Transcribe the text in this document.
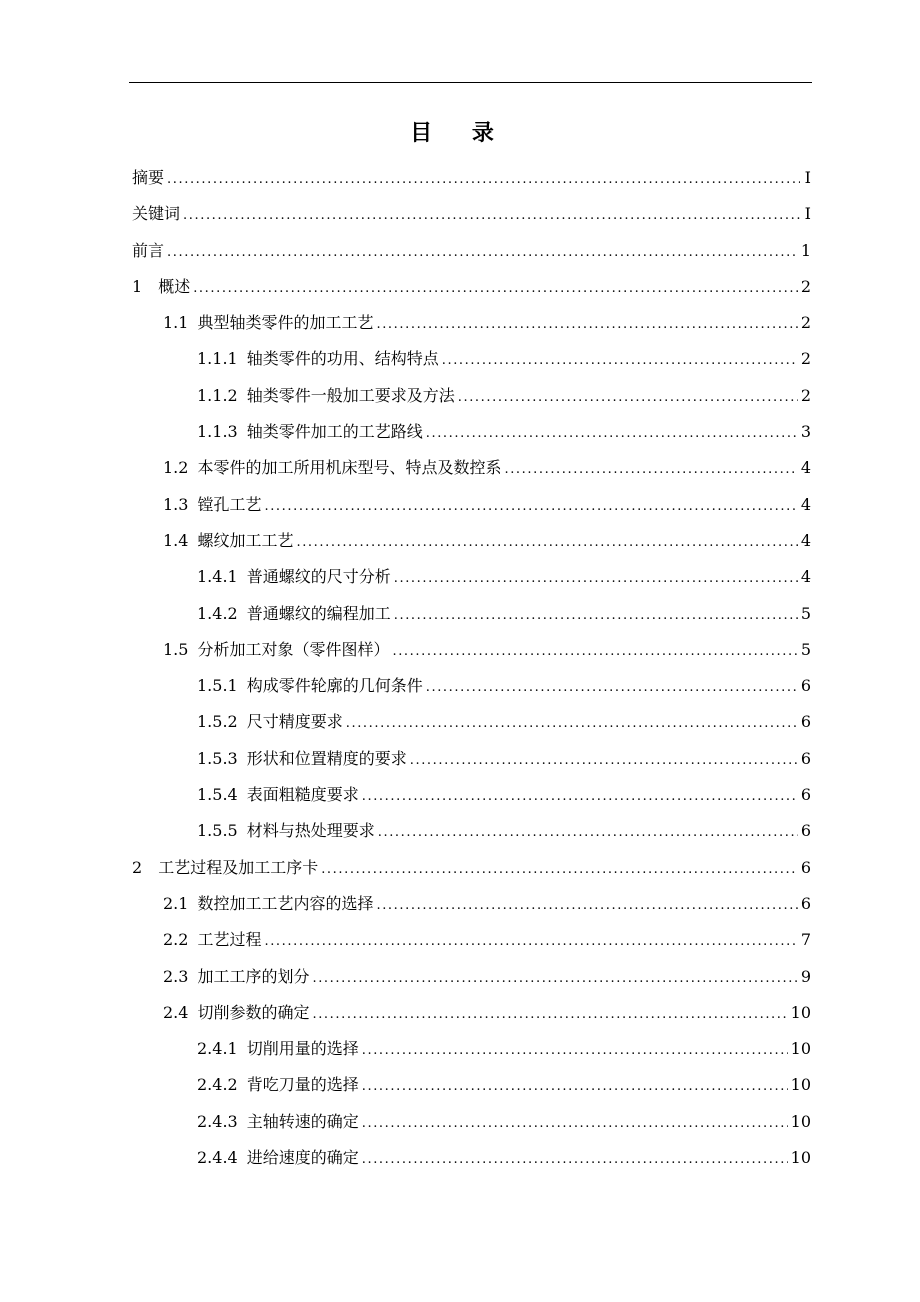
目 录
摘要 .....	I
关键词 .....	I
前言 .....	1
1 概述 .....	2
1.1 典型轴类零件的加工工艺 .....	2
1.1.1 轴类零件的功用、结构特点 .....	2
1.1.2 轴类零件一般加工要求及方法 .....	2
1.1.3 轴类零件加工的工艺路线 .....	3
1.2 本零件的加工所用机床型号、特点及数控系 .....	4
1.3 镗孔工艺 .....	4
1.4 螺纹加工工艺 .....	4
1.4.1 普通螺纹的尺寸分析 .....	4
1.4.2 普通螺纹的编程加工 .....	5
1.5 分析加工对象（零件图样） .....	5
1.5.1 构成零件轮廓的几何条件 .....	6
1.5.2 尺寸精度要求 .....	6
1.5.3 形状和位置精度的要求 .....	6
1.5.4 表面粗糙度要求 .....	6
1.5.5 材料与热处理要求 .....	6
2 工艺过程及加工工序卡 .....	6
2.1 数控加工工艺内容的选择 .....	6
2.2 工艺过程 .....	7
2.3 加工工序的划分 .....	9
2.4 切削参数的确定 .....	10
2.4.1 切削用量的选择 .....	10
2.4.2 背吃刀量的选择 .....	10
2.4.3 主轴转速的确定 .....	10
2.4.4 进给速度的确定 .....	10
